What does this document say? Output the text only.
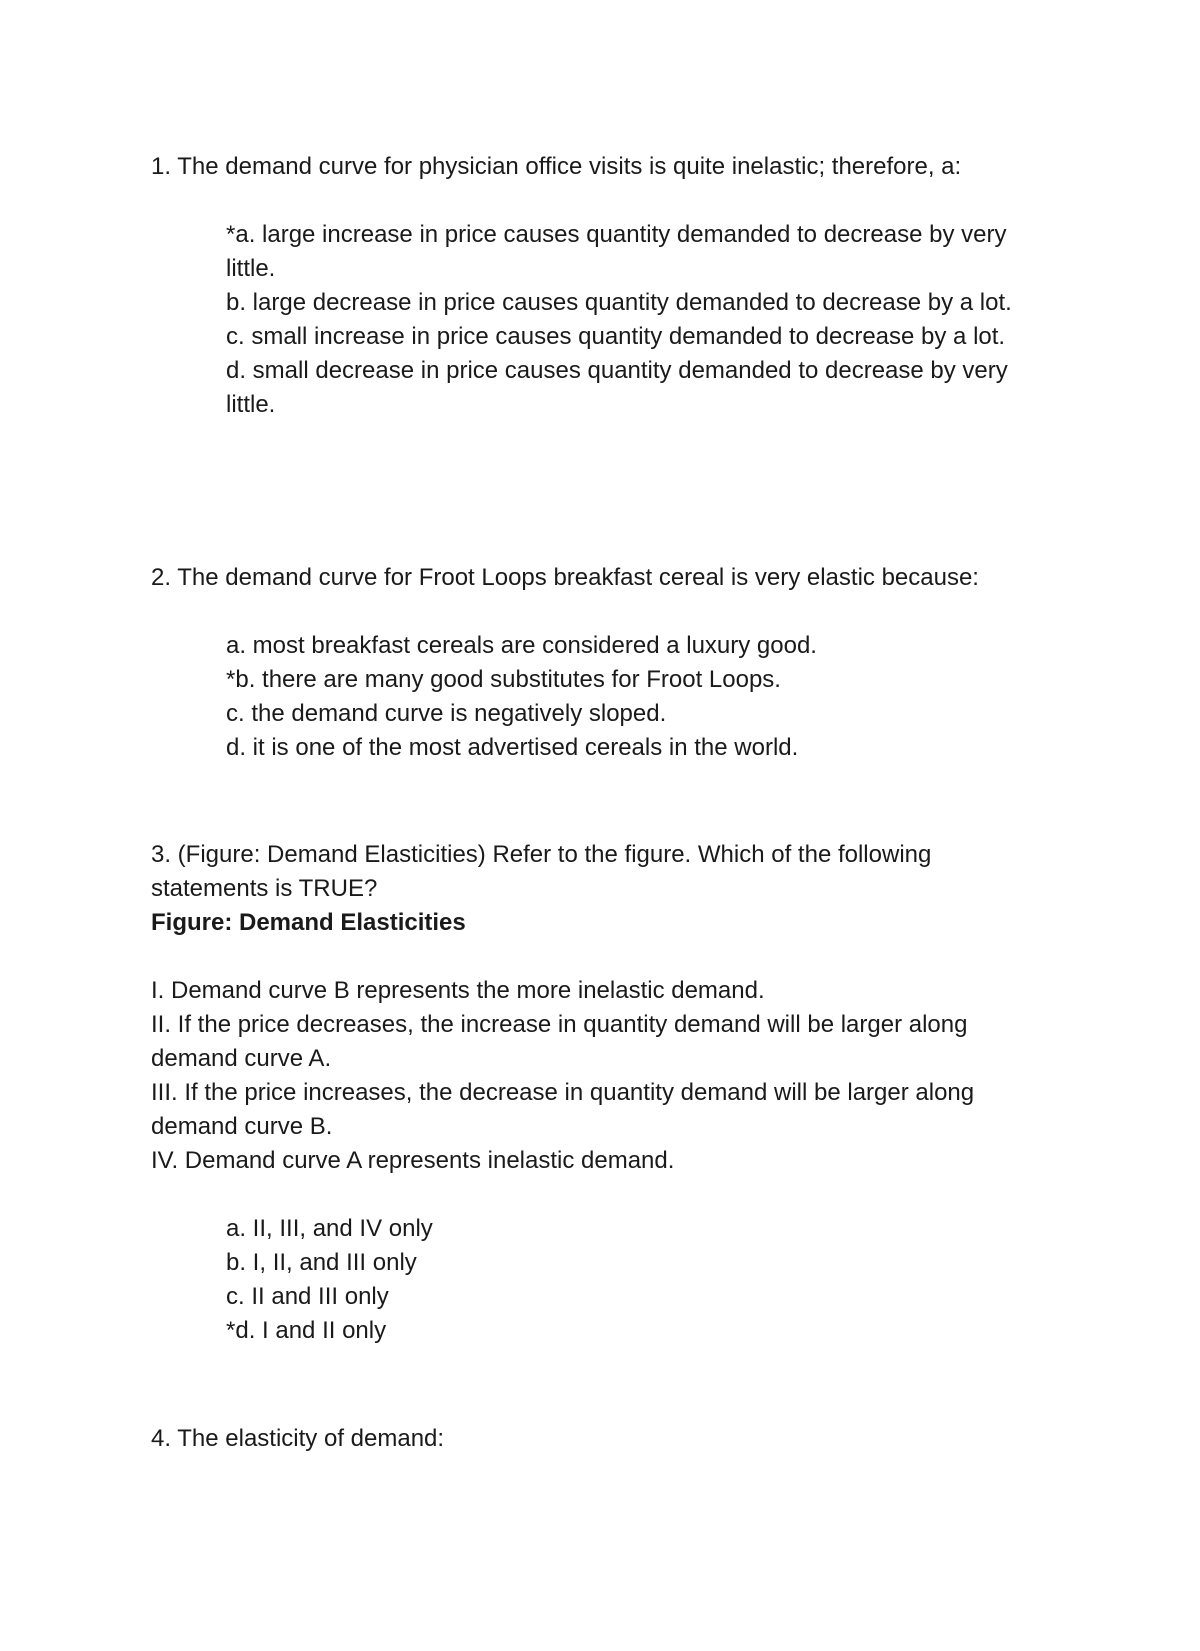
1. The demand curve for physician office visits is quite inelastic; therefore, a:

*a. large increase in price causes quantity demanded to decrease by very little.

b. large decrease in price causes quantity demanded to decrease by a lot.

c. small increase in price causes quantity demanded to decrease by a lot.

d. small decrease in price causes quantity demanded to decrease by very little.

2. The demand curve for Froot Loops breakfast cereal is very elastic because:

a. most breakfast cereals are considered a luxury good.

*b. there are many good substitutes for Froot Loops.

c. the demand curve is negatively sloped.

d. it is one of the most advertised cereals in the world.

3. (Figure: Demand Elasticities) Refer to the figure. Which of the following statements is TRUE?

Figure: Demand Elasticities

I. Demand curve B represents the more inelastic demand.

II. If the price decreases, the increase in quantity demand will be larger along demand curve A.

III. If the price increases, the decrease in quantity demand will be larger along demand curve B.

IV. Demand curve A represents inelastic demand.

a. II, III, and IV only

b. I, II, and III only

c. II and III only

*d. I and II only

4. The elasticity of demand:
